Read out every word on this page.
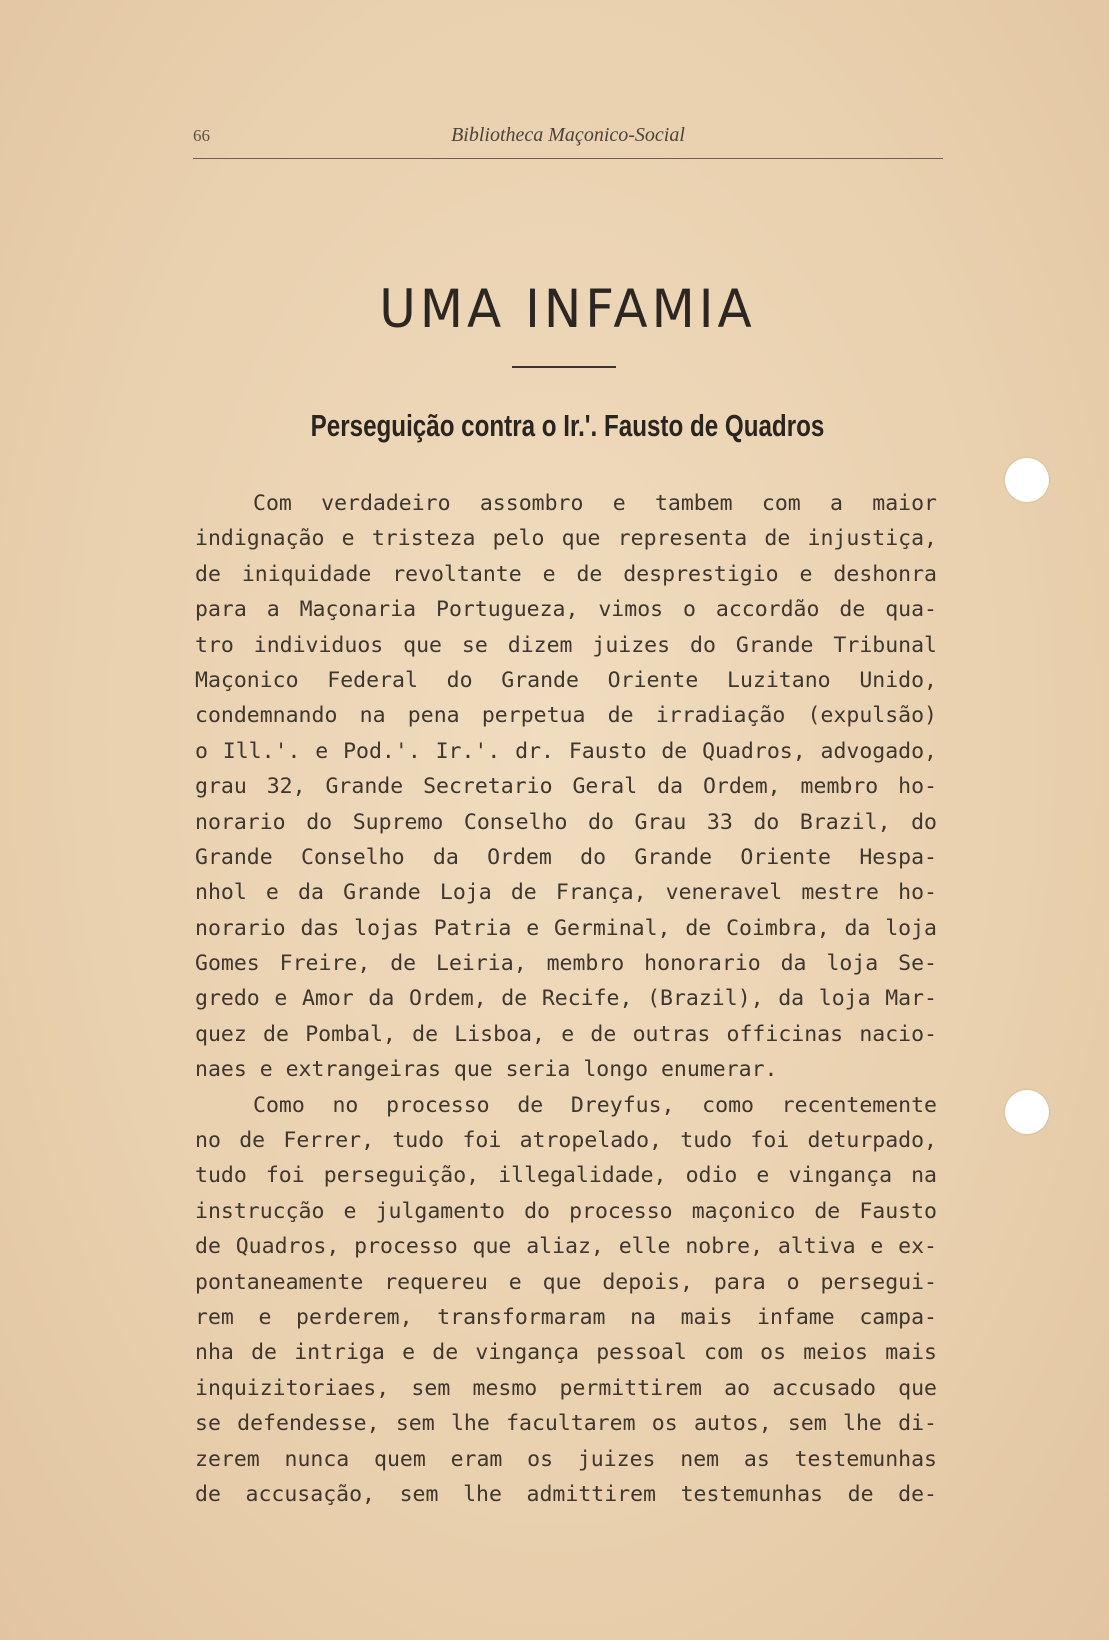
66	Bibliotheca Maçonico-Social
UMA INFAMIA
Perseguição contra o Ir.'. Fausto de Quadros
Com verdadeiro assombro e tambem com a maior
indignação e tristeza pelo que representa de injustiça,
de iniquidade revoltante e de desprestigio e deshonra
para a Maçonaria Portugueza, vimos o accordão de qua-
tro individuos que se dizem juizes do Grande Tribunal
Maçonico Federal do Grande Oriente Luzitano Unido,
condemnando na pena perpetua de irradiação (expulsão)
o Ill.'. e Pod.'. Ir.'. dr. Fausto de Quadros, advogado,
grau 32, Grande Secretario Geral da Ordem, membro ho-
norario do Supremo Conselho do Grau 33 do Brazil, do
Grande Conselho da Ordem do Grande Oriente Hespa-
nhol e da Grande Loja de França, veneravel mestre ho-
norario das lojas Patria e Germinal, de Coimbra, da loja
Gomes Freire, de Leiria, membro honorario da loja Se-
gredo e Amor da Ordem, de Recife, (Brazil), da loja Mar-
quez de Pombal, de Lisboa, e de outras officinas nacio-
naes e extrangeiras que seria longo enumerar.
Como no processo de Dreyfus, como recentemente
no de Ferrer, tudo foi atropelado, tudo foi deturpado,
tudo foi perseguição, illegalidade, odio e vingança na
instrucção e julgamento do processo maçonico de Fausto
de Quadros, processo que aliaz, elle nobre, altiva e ex-
pontaneamente requereu e que depois, para o persegui-
rem e perderem, transformaram na mais infame campa-
nha de intriga e de vingança pessoal com os meios mais
inquizitoriaes, sem mesmo permittirem ao accusado que
se defendesse, sem lhe facultarem os autos, sem lhe di-
zerem nunca quem eram os juizes nem as testemunhas
de accusação, sem lhe admittirem testemunhas de de-
